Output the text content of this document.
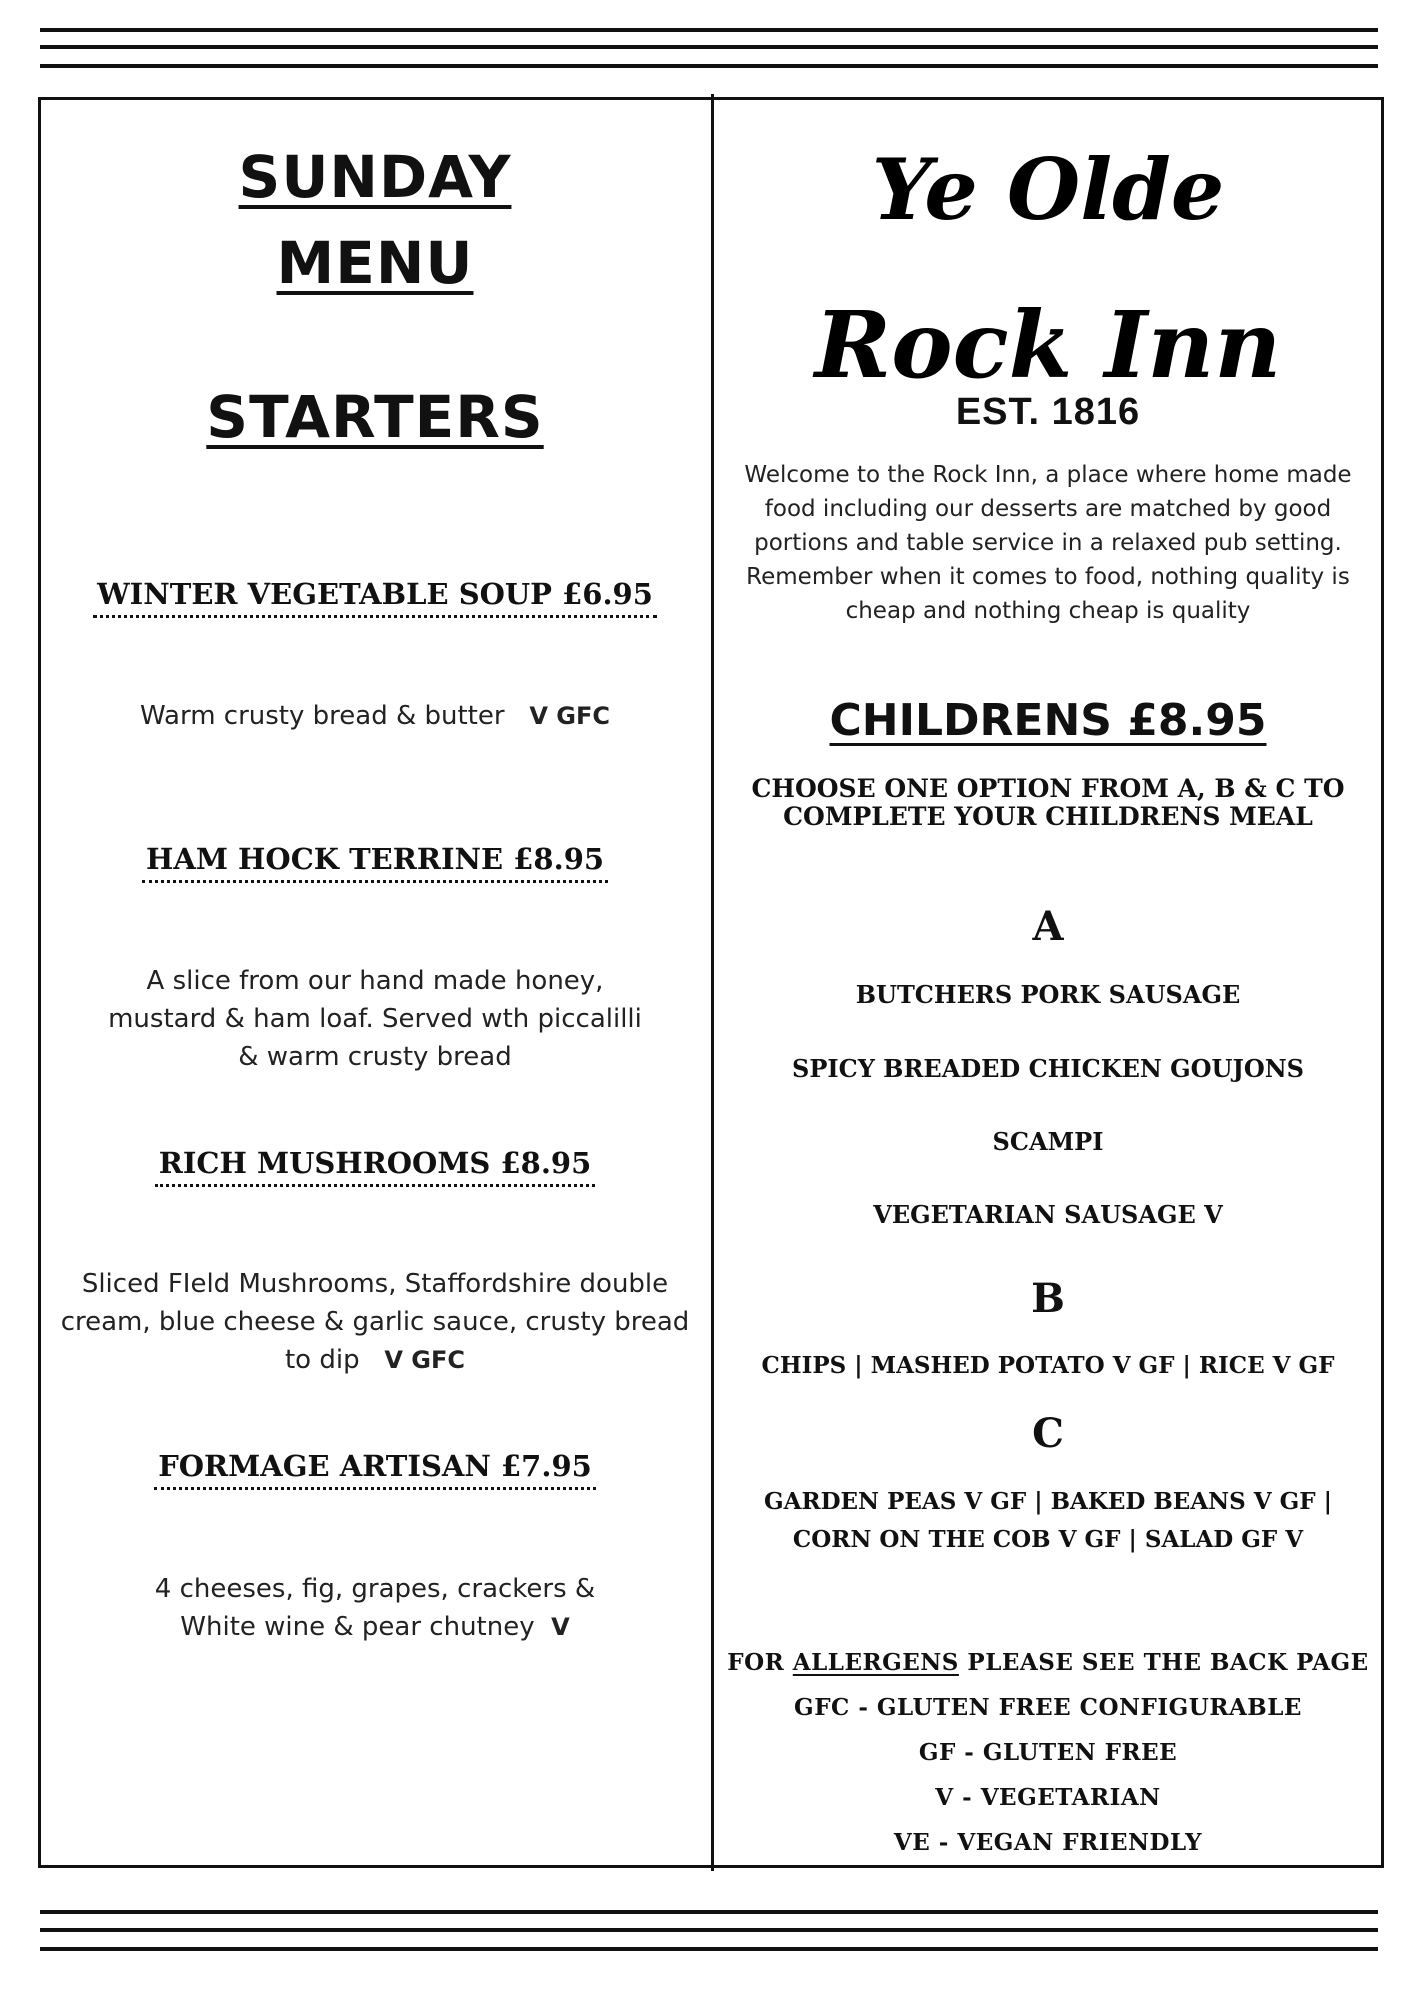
SUNDAY
MENU
STARTERS
WINTER VEGETABLE SOUP £6.95
Warm crusty bread & butter V GFC
HAM HOCK TERRINE £8.95
A slice from our hand made honey,
mustard & ham loaf. Served wth piccalilli
& warm crusty bread
RICH MUSHROOMS £8.95
Sliced FIeld Mushrooms, Staffordshire double
cream, blue cheese & garlic sauce, crusty bread
to dip V GFC
FORMAGE ARTISAN £7.95
4 cheeses, fig, grapes, crackers &
White wine & pear chutney V
Ye Olde
Rock Inn
EST. 1816
Welcome to the Rock Inn, a place where home made
food including our desserts are matched by good
portions and table service in a relaxed pub setting.
Remember when it comes to food, nothing quality is
cheap and nothing cheap is quality
CHILDRENS £8.95
CHOOSE ONE OPTION FROM A, B & C TO
COMPLETE YOUR CHILDRENS MEAL
A
BUTCHERS PORK SAUSAGE
SPICY BREADED CHICKEN GOUJONS
SCAMPI
VEGETARIAN SAUSAGE V
B
CHIPS | MASHED POTATO V GF | RICE V GF
C
GARDEN PEAS V GF | BAKED BEANS V GF |
CORN ON THE COB V GF | SALAD GF V
FOR ALLERGENS PLEASE SEE THE BACK PAGE
GFC - GLUTEN FREE CONFIGURABLE
GF - GLUTEN FREE
V - VEGETARIAN
VE - VEGAN FRIENDLY
